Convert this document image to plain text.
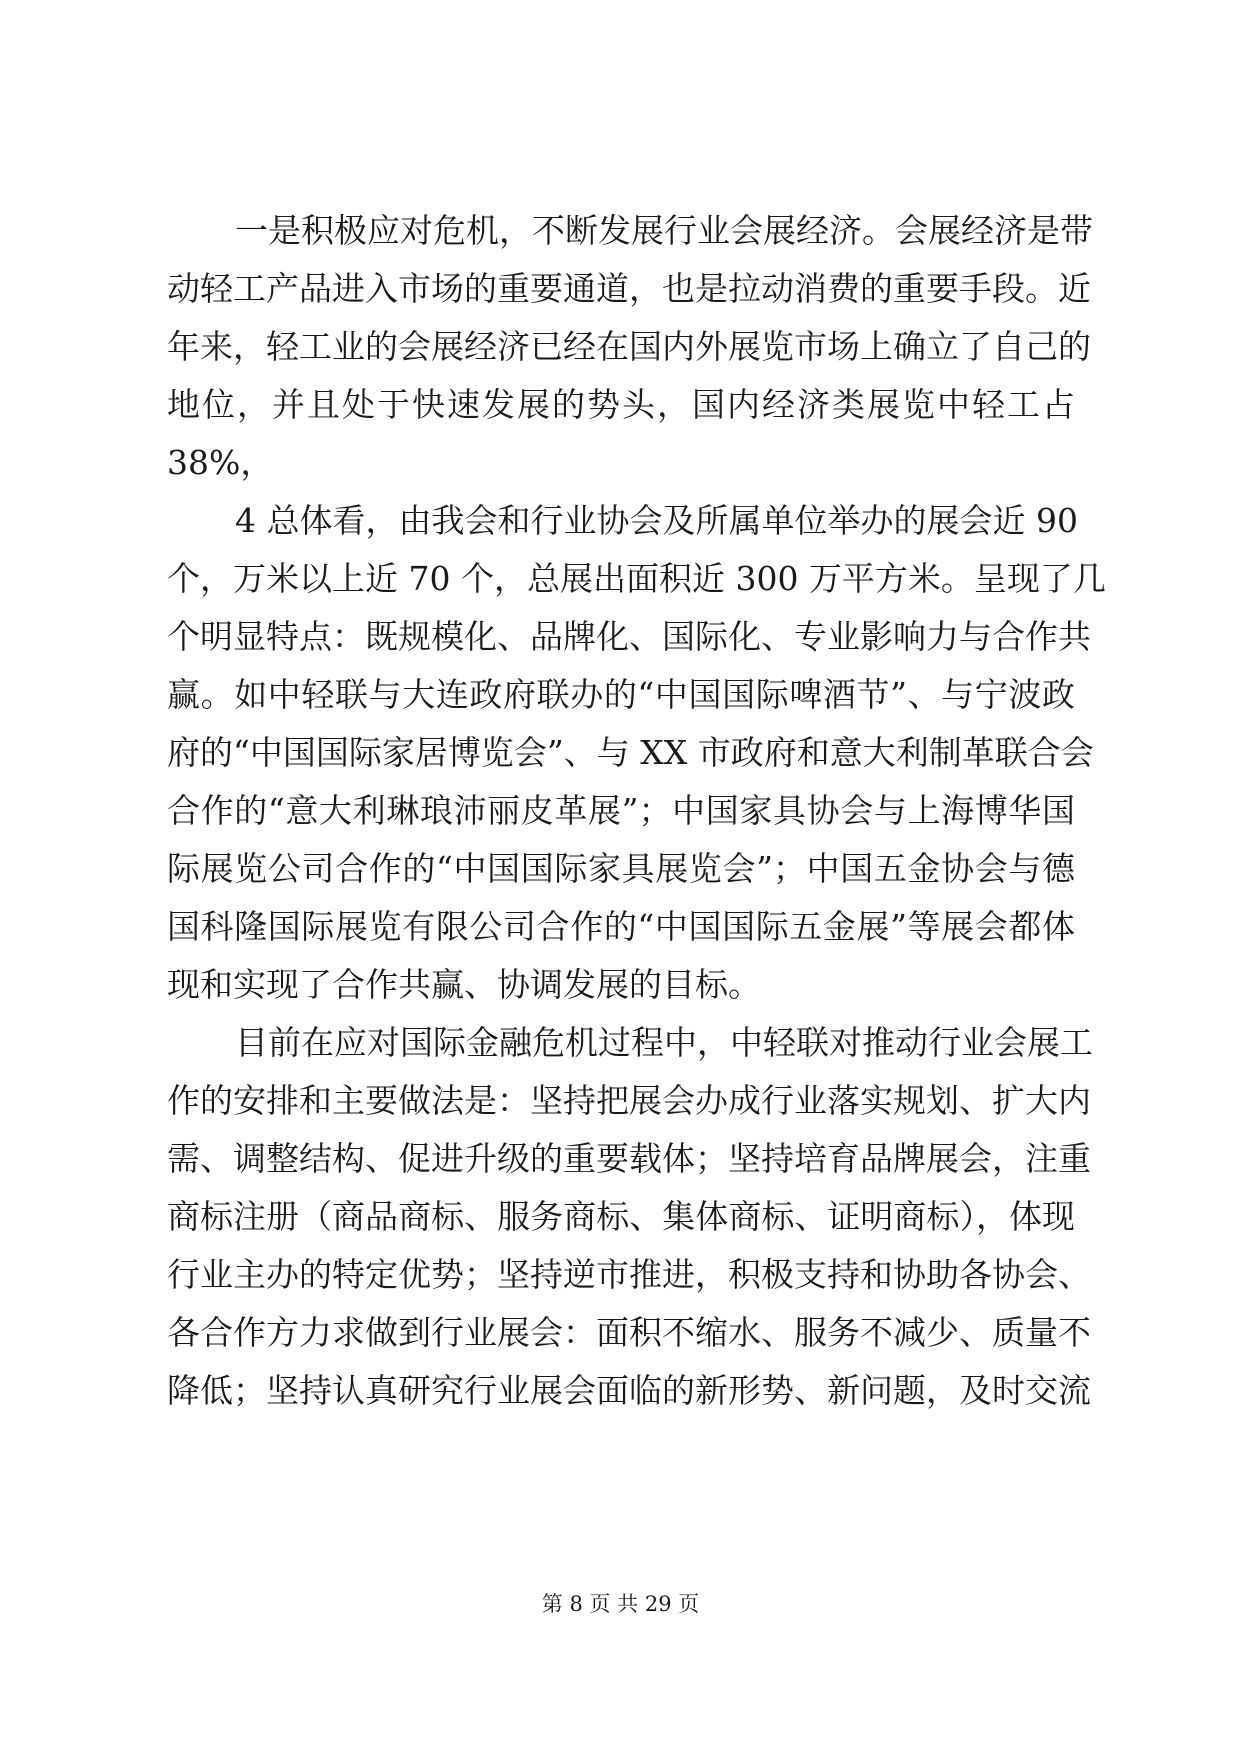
一是积极应对危机，不断发展行业会展经济。会展经济是带
动轻工产品进入市场的重要通道，也是拉动消费的重要手段。近
年来，轻工业的会展经济已经在国内外展览市场上确立了自己的
地位，并且处于快速发展的势头，国内经济类展览中轻工占
38%，
4 总体看，由我会和行业协会及所属单位举办的展会近 90
个，万米以上近 70 个，总展出面积近 300 万平方米。呈现了几
个明显特点：既规模化、品牌化、国际化、专业影响力与合作共
赢。如中轻联与大连政府联办的“中国国际啤酒节”、与宁波政
府的“中国国际家居博览会”、与 XX 市政府和意大利制革联合会
合作的“意大利琳琅沛丽皮革展”；中国家具协会与上海博华国
际展览公司合作的“中国国际家具展览会”；中国五金协会与德
国科隆国际展览有限公司合作的“中国国际五金展”等展会都体
现和实现了合作共赢、协调发展的目标。
目前在应对国际金融危机过程中，中轻联对推动行业会展工
作的安排和主要做法是：坚持把展会办成行业落实规划、扩大内
需、调整结构、促进升级的重要载体；坚持培育品牌展会，注重
商标注册（商品商标、服务商标、集体商标、证明商标），体现
行业主办的特定优势；坚持逆市推进，积极支持和协助各协会、
各合作方力求做到行业展会：面积不缩水、服务不减少、质量不
降低；坚持认真研究行业展会面临的新形势、新问题，及时交流
第 8 页 共 29 页
